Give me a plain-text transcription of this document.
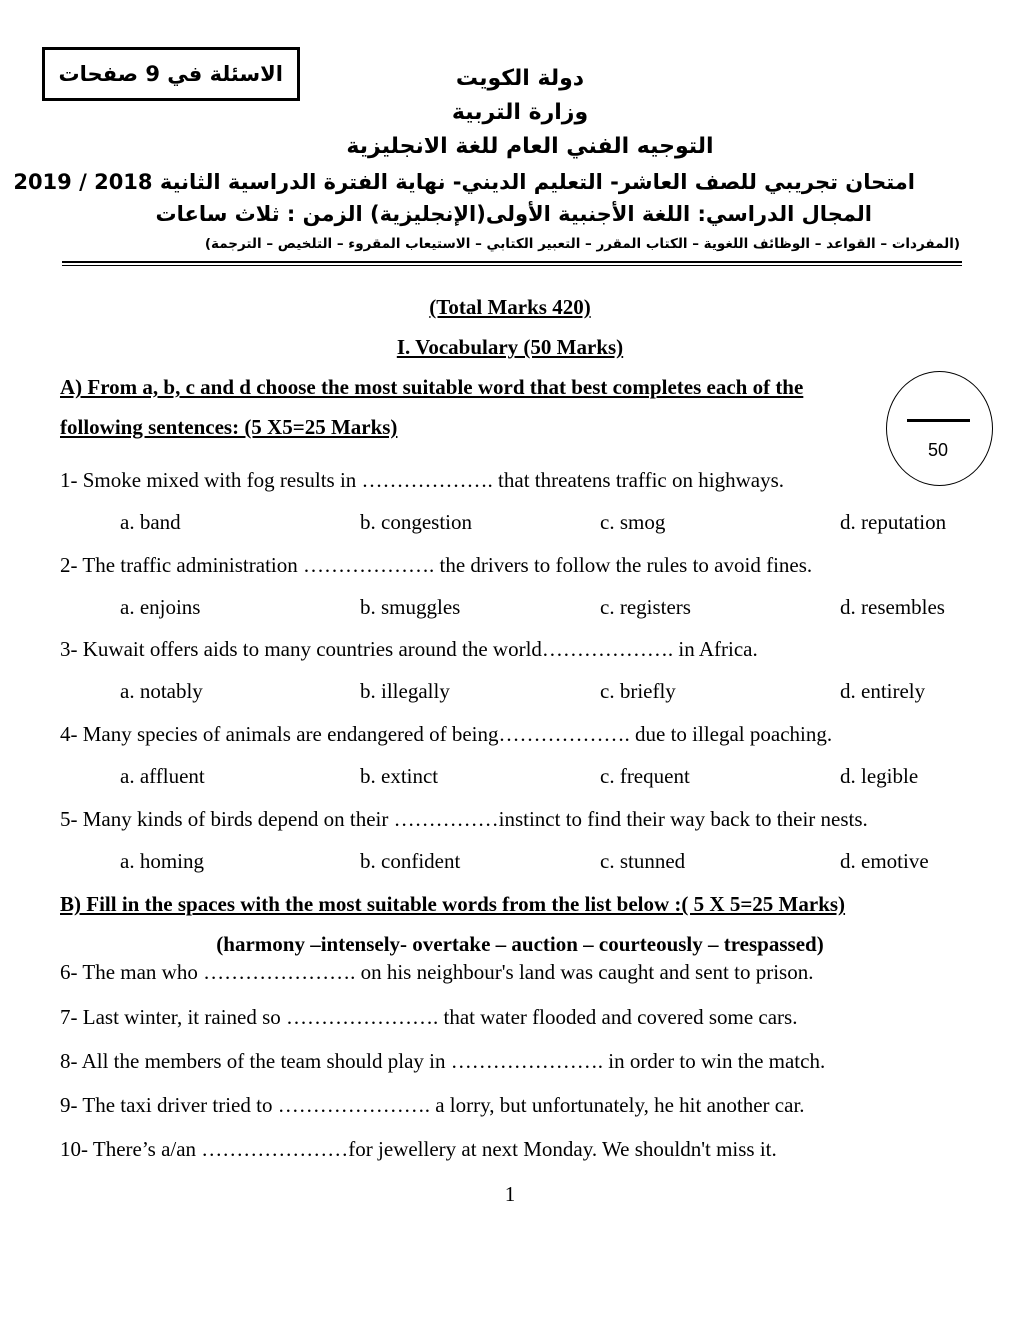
الاسئلة في 9 صفحات	دولة الكويت
وزارة التربية
التوجيه الفني العام للغة الانجليزية
امتحان تجريبي للصف العاشر- التعليم الديني- نهاية الفترة الدراسية الثانية 2018 / 2019
المجال الدراسي: اللغة الأجنبية الأولى(الإنجليزية) الزمن : ثلاث ساعات
(المفردات – القواعد – الوظائف اللغوية – الكتاب المقرر – التعبير الكتابي – الاستيعاب المقروء – التلخيص – الترجمة)
(Total Marks 420)
I. Vocabulary (50 Marks)
50
A) From a, b, c and d choose the most suitable word that best completes each of the
following sentences: (5 X5=25 Marks)
1- Smoke mixed with fog results in ………………. that threatens traffic on highways.
a. band	b. congestion	c. smog	d. reputation
2- The traffic administration ………………. the drivers to follow the rules to avoid fines.
a. enjoins	b. smuggles	c. registers	d. resembles
3- Kuwait offers aids to many countries around the world………………. in Africa.
a. notably	b. illegally	c. briefly	d. entirely
4- Many species of animals are endangered of being………………. due to illegal poaching.
a. affluent	b. extinct	c. frequent	d. legible
5- Many kinds of birds depend on their ……………instinct to find their way back to their nests.
a. homing	b. confident	c. stunned	d. emotive
B) Fill in the spaces with the most suitable words from the list below :( 5 X 5=25 Marks)
(harmony –intensely- overtake – auction – courteously – trespassed)
6- The man who …………………. on his neighbour's land was caught and sent to prison.
7- Last winter, it rained so …………………. that water flooded and covered some cars.
8- All the members of the team should play in …………………. in order to win the match.
9- The taxi driver tried to …………………. a lorry, but unfortunately, he hit another car.
10- There’s a/an …………………for jewellery at next Monday. We shouldn't miss it.
1
